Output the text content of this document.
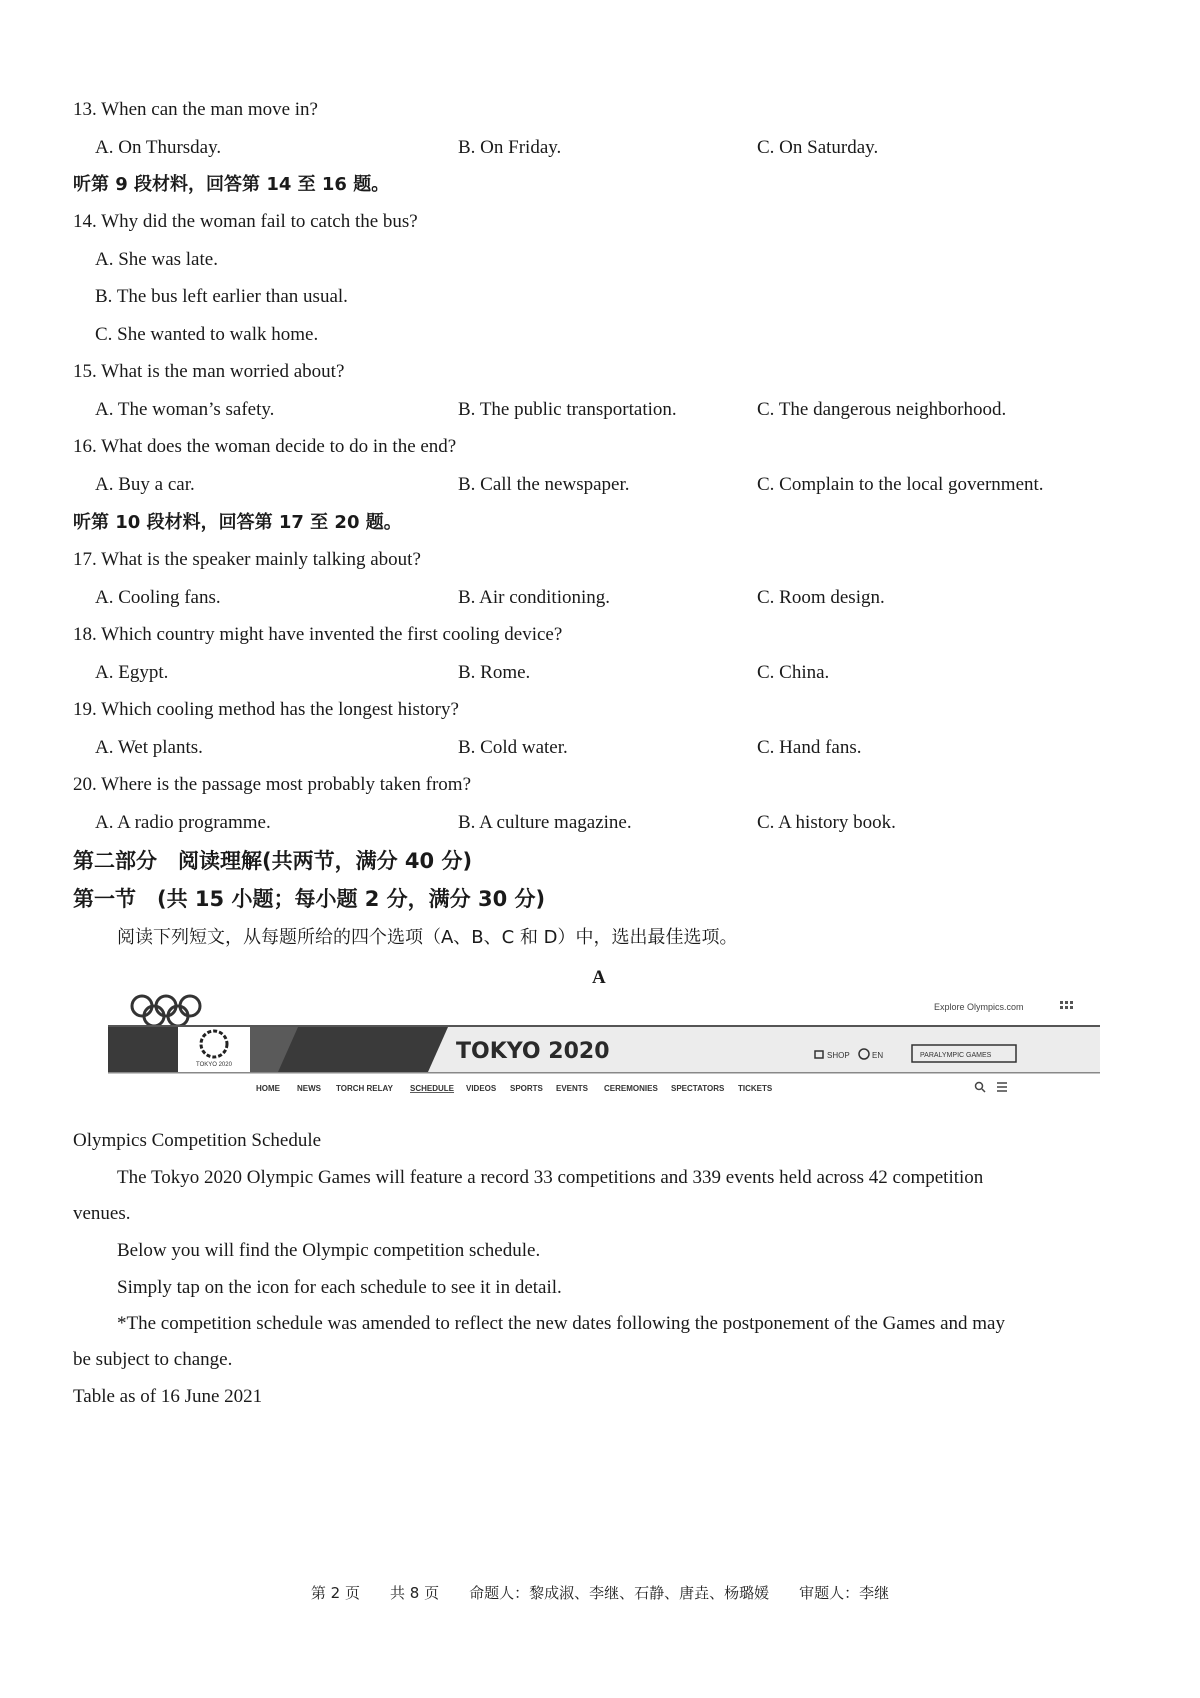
13. When can the man move in?
A. On Thursday.	B. On Friday.	C. On Saturday.
听第 9 段材料，回答第 14 至 16 题。
14. Why did the woman fail to catch the bus?
A. She was late.
B. The bus left earlier than usual.
C. She wanted to walk home.
15. What is the man worried about?
A. The woman’s safety.	B. The public transportation.	C. The dangerous neighborhood.
16. What does the woman decide to do in the end?
A. Buy a car.	B. Call the newspaper.	C. Complain to the local government.
听第 10 段材料，回答第 17 至 20 题。
17. What is the speaker mainly talking about?
A. Cooling fans.	B. Air conditioning.	C. Room design.
18. Which country might have invented the first cooling device?
A. Egypt.	B. Rome.	C. China.
19. Which cooling method has the longest history?
A. Wet plants.	B. Cold water.	C. Hand fans.
20. Where is the passage most probably taken from?
A. A radio programme.	B. A culture magazine.	C. A history book.
第二部分　阅读理解(共两节，满分 40 分)
第一节　(共 15 小题；每小题 2 分，满分 30 分)
阅读下列短文，从每题所给的四个选项（A、B、C 和 D）中，选出最佳选项。
A
Explore Olympics.com
TOKYO 2020
TOKYO 2020	SHOP	EN	PARALYMPIC GAMES
HOME NEWS TORCH RELAY SCHEDULE VIDEOS SPORTS EVENTS CEREMONIES SPECTATORS TICKETS
Olympics Competition Schedule
The Tokyo 2020 Olympic Games will feature a record 33 competitions and 339 events held across 42 competition
venues.
Below you will find the Olympic competition schedule.
Simply tap on the icon for each schedule to see it in detail.
*The competition schedule was amended to reflect the new dates following the postponement of the Games and may
be subject to change.
Table as of 16 June 2021
第 2 页　　共 8 页　　命题人：黎成淑、李继、石静、唐垚、杨璐媛　　审题人：李继
